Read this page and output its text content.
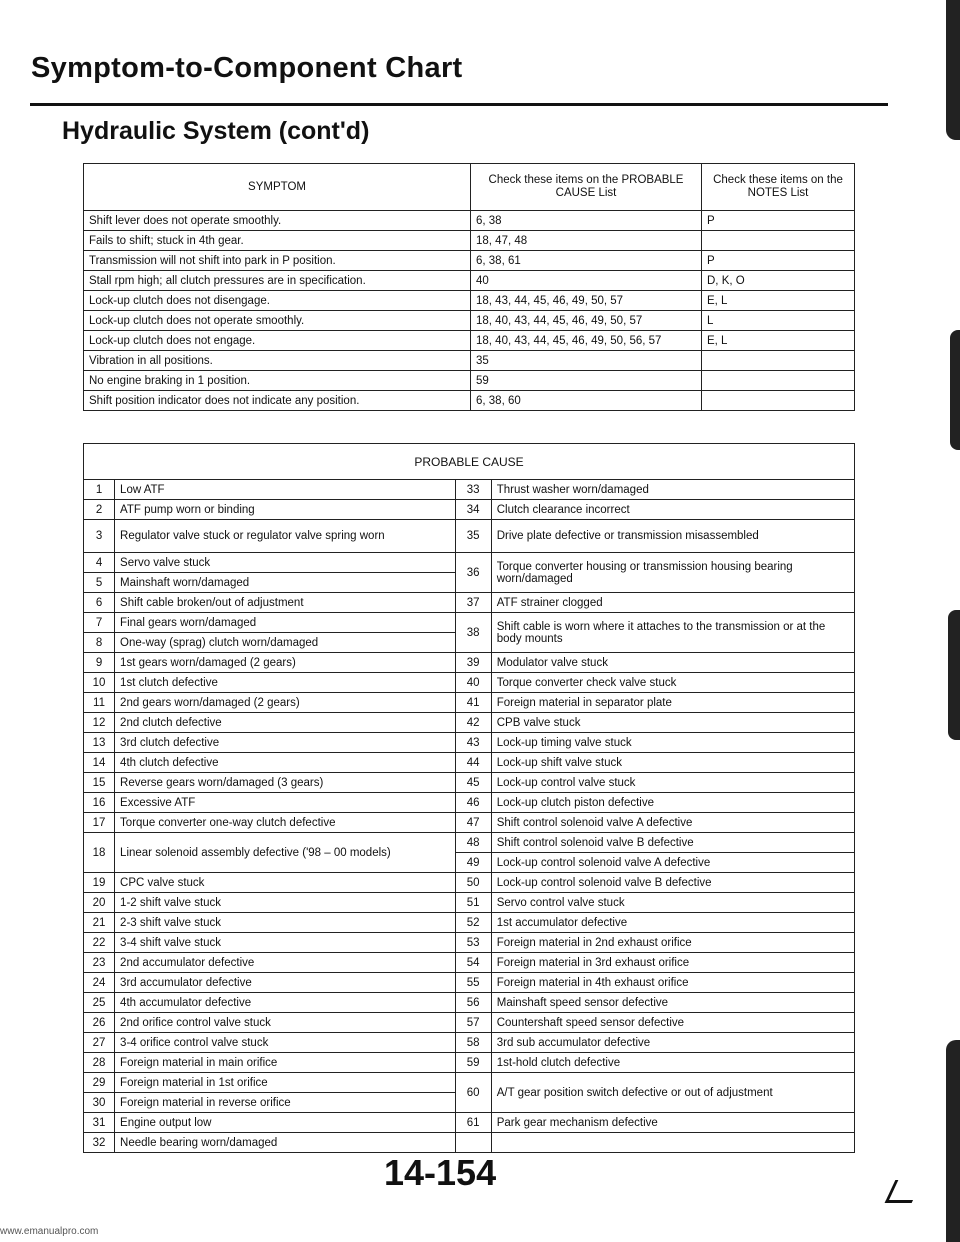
Symptom-to-Component Chart
Hydraulic System (cont'd)
SYMPTOM	Check these items on the PROBABLE CAUSE List	Check these items on the NOTES List
Shift lever does not operate smoothly.	6, 38	P
Fails to shift; stuck in 4th gear.	18, 47, 48	
Transmission will not shift into park in P position.	6, 38, 61	P
Stall rpm high; all clutch pressures are in specification.	40	D, K, O
Lock-up clutch does not disengage.	18, 43, 44, 45, 46, 49, 50, 57	E, L
Lock-up clutch does not operate smoothly.	18, 40, 43, 44, 45, 46, 49, 50, 57	L
Lock-up clutch does not engage.	18, 40, 43, 44, 45, 46, 49, 50, 56, 57	E, L
Vibration in all positions.	35	
No engine braking in 1 position.	59	
Shift position indicator does not indicate any position.	6, 38, 60	
PROBABLE CAUSE			
1	Low ATF	33	Thrust washer worn/damaged
2	ATF pump worn or binding	34	Clutch clearance incorrect
3	Regulator valve stuck or regulator valve spring worn	35	Drive plate defective or transmission misassembled
4	Servo valve stuck	36	Torque converter housing or transmission housing bearing worn/damaged
5	Mainshaft worn/damaged		
6	Shift cable broken/out of adjustment	37	ATF strainer clogged
7	Final gears worn/damaged	38	Shift cable is worn where it attaches to the transmission or at the body mounts
8	One-way (sprag) clutch worn/damaged		
9	1st gears worn/damaged (2 gears)	39	Modulator valve stuck
10	1st clutch defective	40	Torque converter check valve stuck
11	2nd gears worn/damaged (2 gears)	41	Foreign material in separator plate
12	2nd clutch defective	42	CPB valve stuck
13	3rd clutch defective	43	Lock-up timing valve stuck
14	4th clutch defective	44	Lock-up shift valve stuck
15	Reverse gears worn/damaged (3 gears)	45	Lock-up control valve stuck
16	Excessive ATF	46	Lock-up clutch piston defective
17	Torque converter one-way clutch defective	47	Shift control solenoid valve A defective
18	Linear solenoid assembly defective ('98 – 00 models)	48	Shift control solenoid valve B defective
		49	Lock-up control solenoid valve A defective
19	CPC valve stuck	50	Lock-up control solenoid valve B defective
20	1-2 shift valve stuck	51	Servo control valve stuck
21	2-3 shift valve stuck	52	1st accumulator defective
22	3-4 shift valve stuck	53	Foreign material in 2nd exhaust orifice
23	2nd accumulator defective	54	Foreign material in 3rd exhaust orifice
24	3rd accumulator defective	55	Foreign material in 4th exhaust orifice
25	4th accumulator defective	56	Mainshaft speed sensor defective
26	2nd orifice control valve stuck	57	Countershaft speed sensor defective
27	3-4 orifice control valve stuck	58	3rd sub accumulator defective
28	Foreign material in main orifice	59	1st-hold clutch defective
29	Foreign material in 1st orifice	60	A/T gear position switch defective or out of adjustment
30	Foreign material in reverse orifice		
31	Engine output low	61	Park gear mechanism defective
32	Needle bearing worn/damaged		
14-154
www.emanualpro.com
